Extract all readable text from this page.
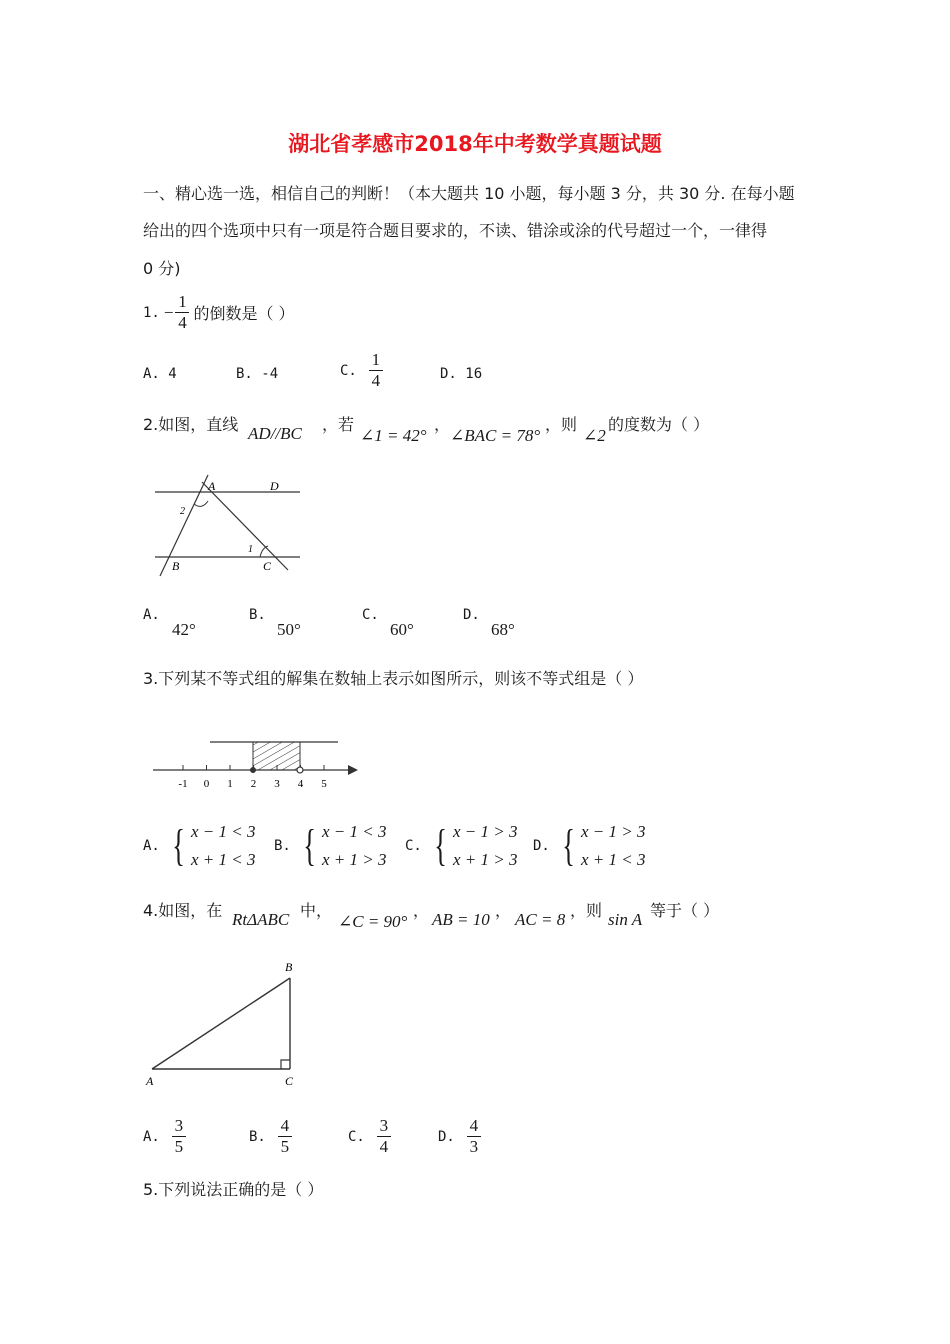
湖北省孝感市2018年中考数学真题试题
一、精心选一选，相信自己的判断！（本大题共 10 小题，每小题 3 分，共 30 分. 在每小题
给出的四个选项中只有一项是符合题目要求的，不读、错涂或涂的代号超过一个，一律得
0 分)
1. − $\frac{1}{4}$ 的倒数是（ ）
A. 4	B. -4	C. $\frac{1}{4}$	D. 16
2.如图，直线 AD//BC ，若
∠1 = 42°
，
∠BAC = 78°
，则
∠2
的度数为（ ）
A	D
B	C
1
2
A.
42°
B.
50°
C.
60°
D.
68°
3.下列某不等式组的解集在数轴上表示如图所示，则该不等式组是（ ）
-1 0 1 2 3 4 5
A. { x − 1 < 3
x + 1 < 3
B. { x − 1 < 3
x + 1 > 3
C. { x − 1 > 3
x + 1 > 3
D. { x − 1 > 3
x + 1 < 3
4.如图，在 RtΔABC 中，
∠C = 90°
， AB = 10 ， AC = 8 ，则 sin A 等于（ ）
B
A	C
A. $\frac{3}{5}$	B. $\frac{4}{5}$	C. $\frac{3}{4}$	D. $\frac{4}{3}$
5.下列说法正确的是（ ）
